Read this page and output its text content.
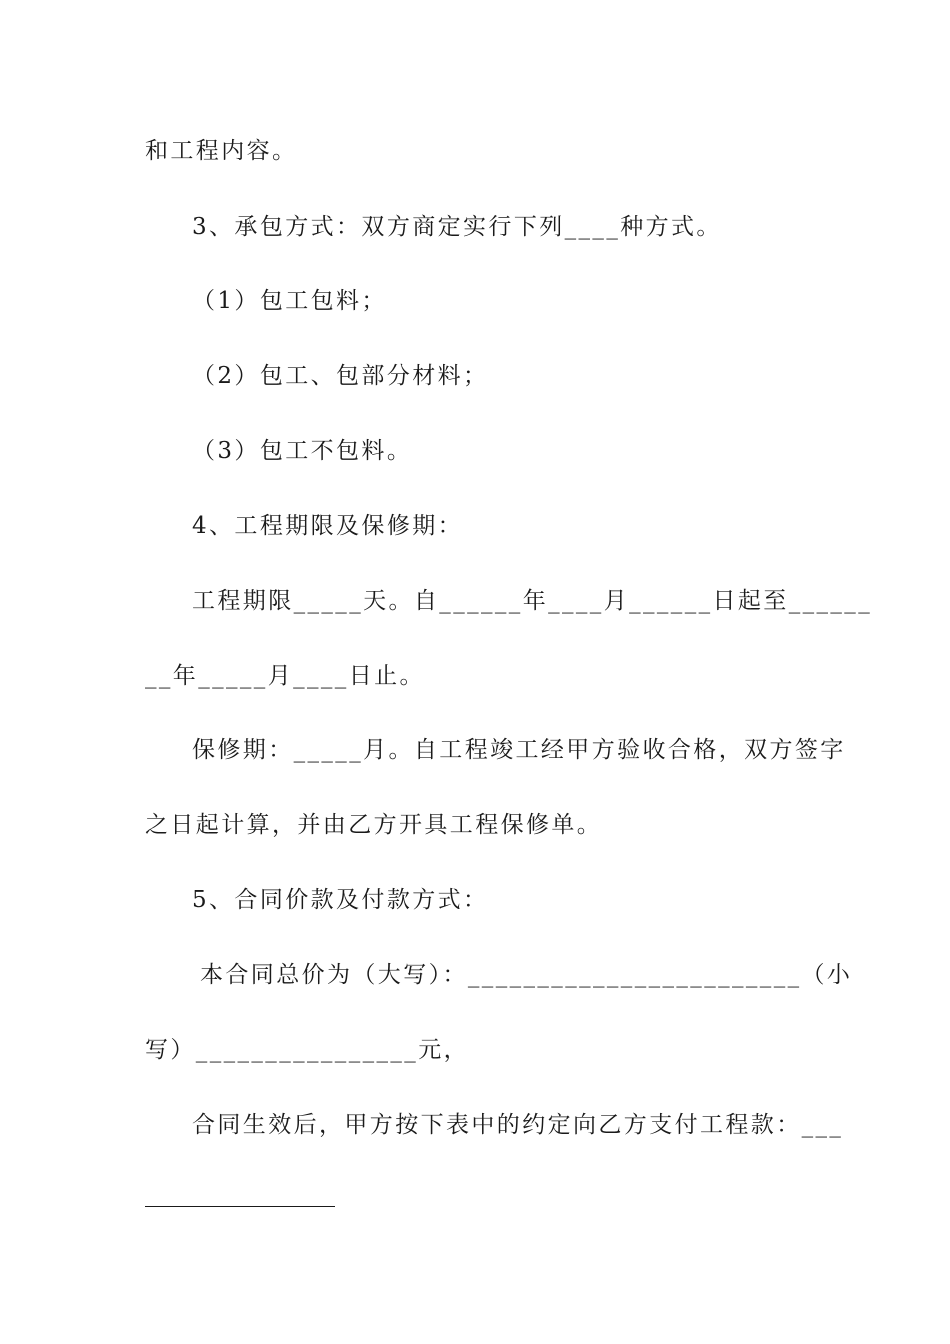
和工程内容。
3、承包方式：双方商定实行下列____种方式。
（1）包工包料；
（2）包工、包部分材料；
（3）包工不包料。
4、工程期限及保修期：
工程期限_____天。自______年____月______日起至______
__年_____月____日止。
保修期：_____月。自工程竣工经甲方验收合格，双方签字
之日起计算，并由乙方开具工程保修单。
5、合同价款及付款方式：
本合同总价为（大写）：________________________（小
写）________________元，
合同生效后，甲方按下表中的约定向乙方支付工程款：___
